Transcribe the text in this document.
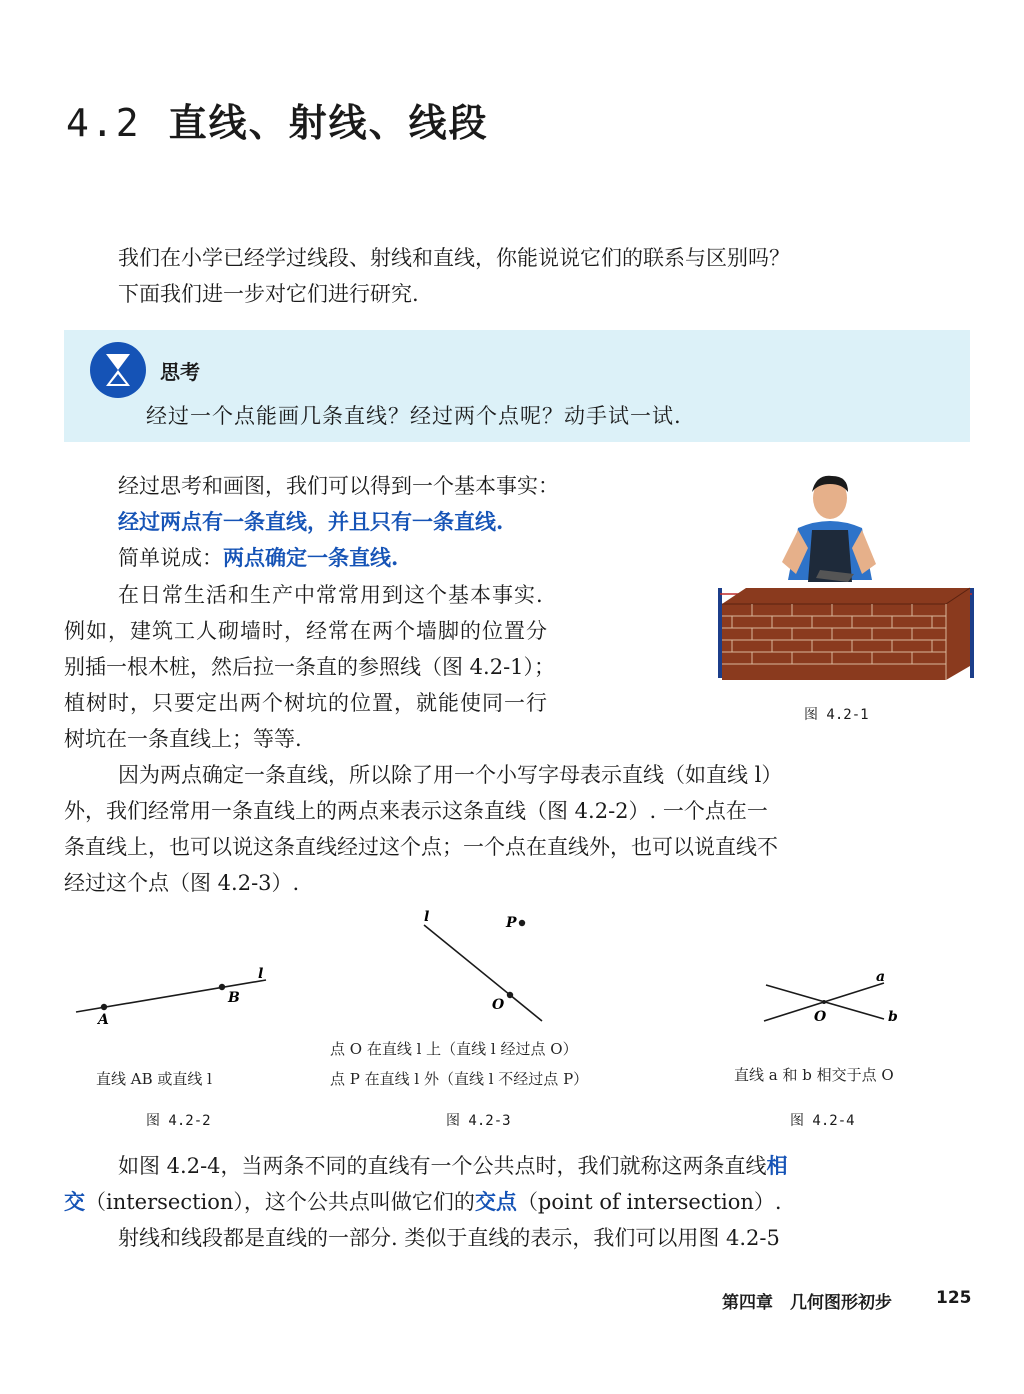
4.2 直线、射线、线段
我们在小学已经学过线段、射线和直线，你能说说它们的联系与区别吗？
下面我们进一步对它们进行研究.
思考
经过一个点能画几条直线？经过两个点呢？动手试一试.
经过思考和画图，我们可以得到一个基本事实：
经过两点有一条直线，并且只有一条直线.
简单说成：两点确定一条直线.
在日常生活和生产中常常用到这个基本事实.
例如，建筑工人砌墙时，经常在两个墙脚的位置分
别插一根木桩，然后拉一条直的参照线（图 4.2-1）；
植树时，只要定出两个树坑的位置，就能使同一行
树坑在一条直线上；等等.
因为两点确定一条直线，所以除了用一个小写字母表示直线（如直线 l）
外，我们经常用一条直线上的两点来表示这条直线（图 4.2-2）. 一个点在一
条直线上，也可以说这条直线经过这个点；一个点在直线外，也可以说直线不
经过这个点（图 4.2-3）.
图 4.2-1
A
B
l
直线 AB 或直线 l
图 4.2-2
l
O
P
点 O 在直线 l 上（直线 l 经过点 O）
点 P 在直线 l 外（直线 l 不经过点 P）
图 4.2-3
O
a
b
直线 a 和 b 相交于点 O
图 4.2-4
如图 4.2-4，当两条不同的直线有一个公共点时，我们就称这两条直线相
交（intersection），这个公共点叫做它们的交点（point of intersection）.
射线和线段都是直线的一部分. 类似于直线的表示，我们可以用图 4.2-5
第四章　几何图形初步	125
